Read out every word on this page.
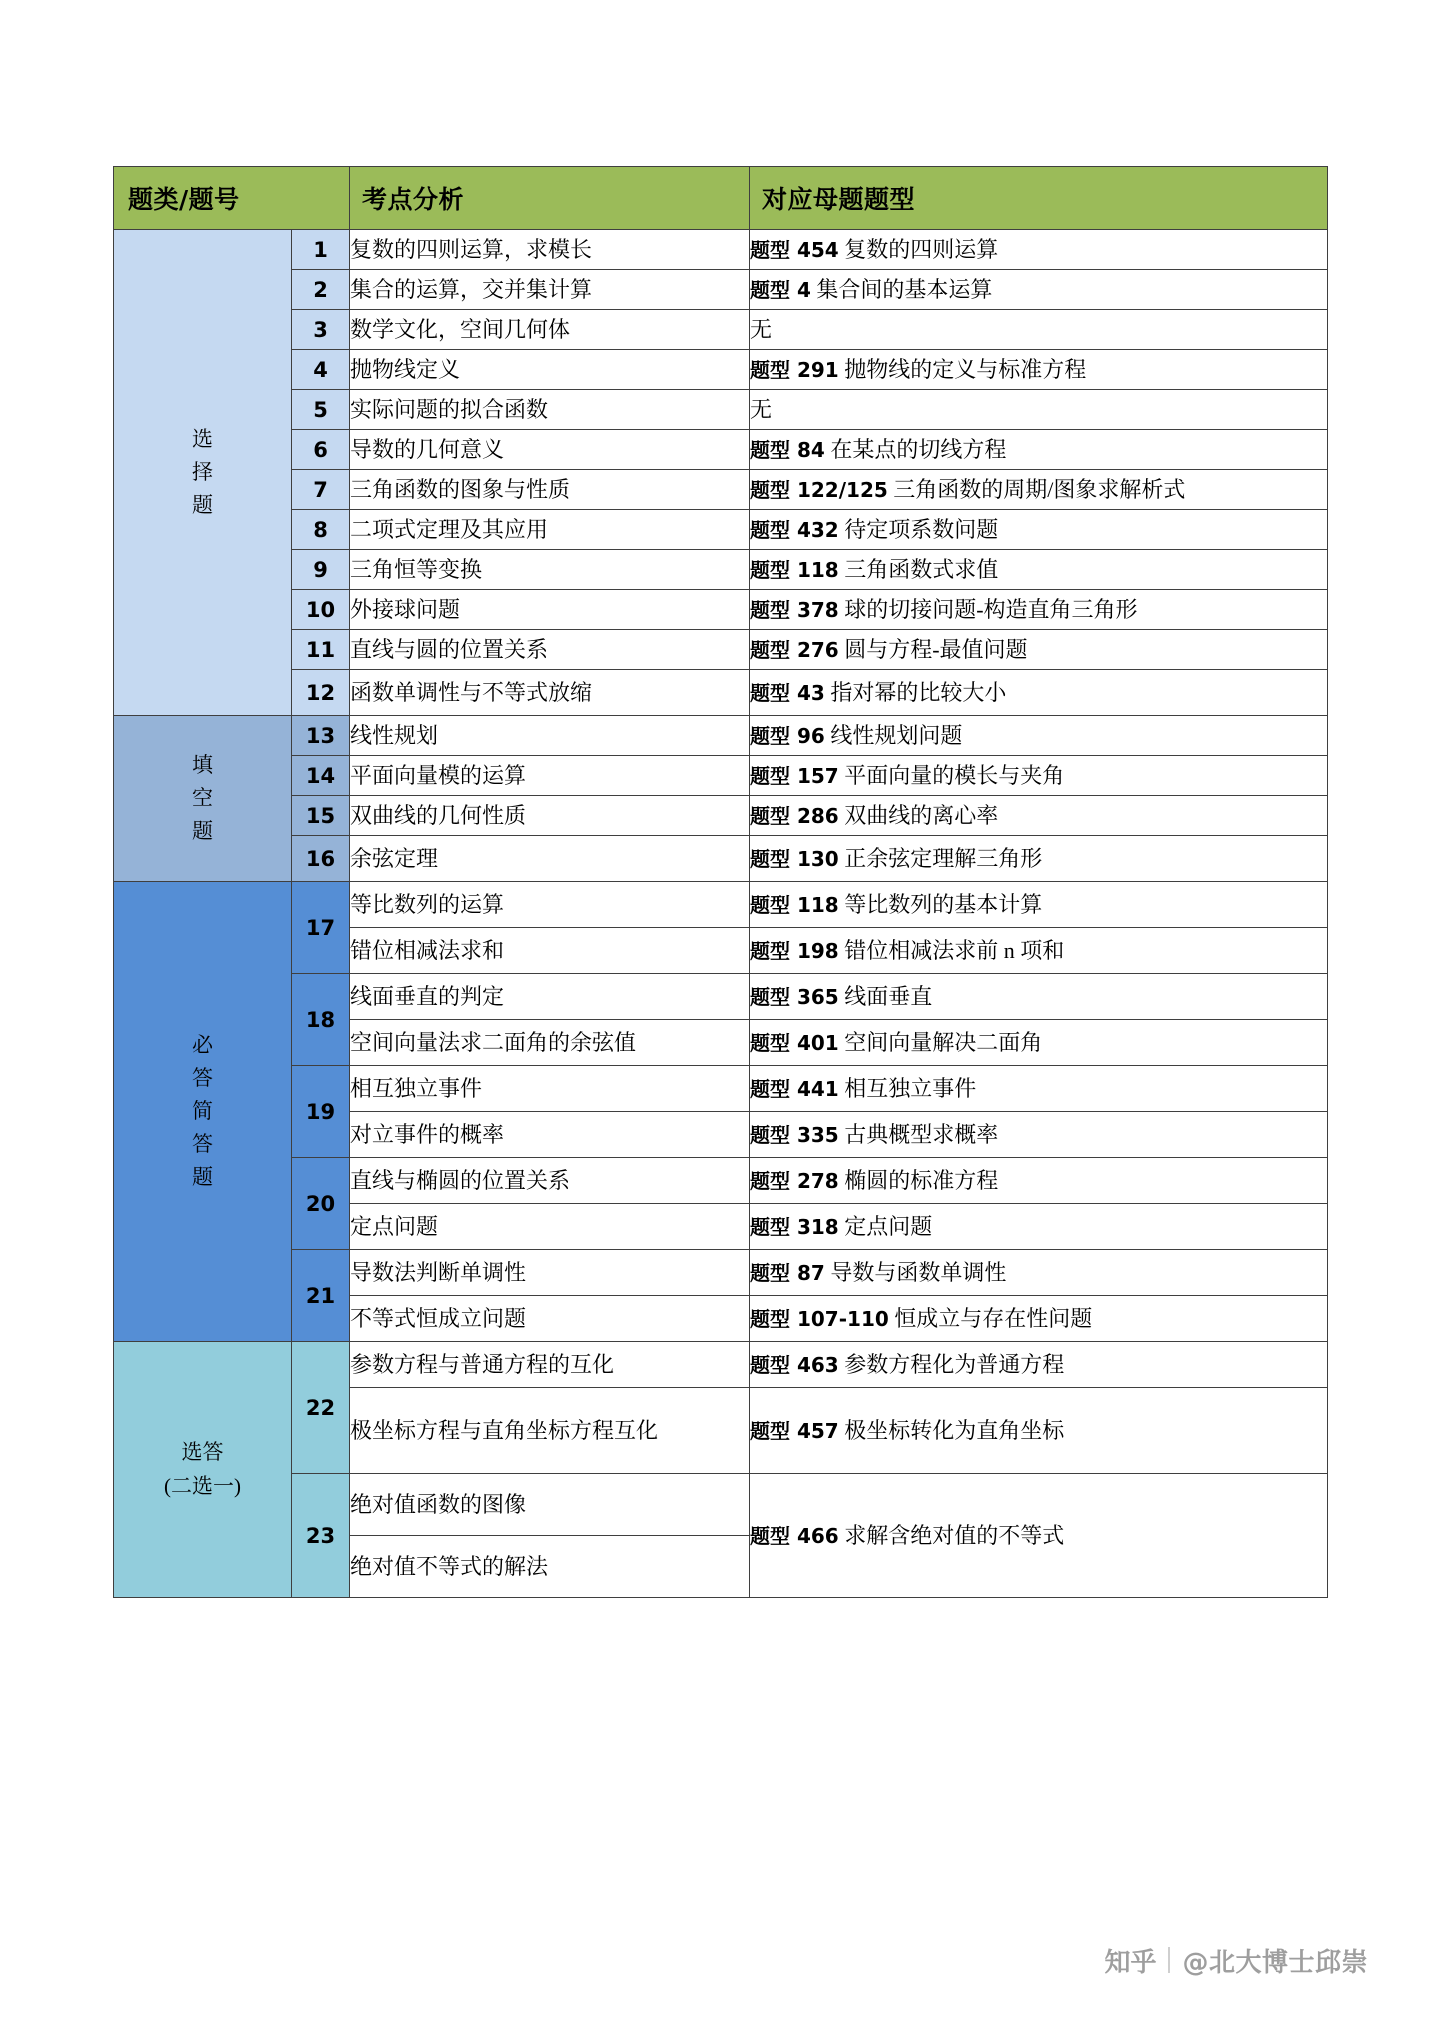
题类/题号		考点分析	对应母题题型

选
择
题	1	复数的四则运算，求模长	题型 454 复数的四则运算
	2	集合的运算，交并集计算	题型 4 集合间的基本运算
	3	数学文化，空间几何体	无
	4	抛物线定义	题型 291 抛物线的定义与标准方程
	5	实际问题的拟合函数	无
	6	导数的几何意义	题型 84 在某点的切线方程
	7	三角函数的图象与性质	题型 122/125 三角函数的周期/图象求解析式
	8	二项式定理及其应用	题型 432 待定项系数问题
	9	三角恒等变换	题型 118 三角函数式求值
	10	外接球问题	题型 378 球的切接问题-构造直角三角形
	11	直线与圆的位置关系	题型 276 圆与方程-最值问题
	12	函数单调性与不等式放缩	题型 43 指对幂的比较大小

填
空
题	13	线性规划	题型 96 线性规划问题
	14	平面向量模的运算	题型 157 平面向量的模长与夹角
	15	双曲线的几何性质	题型 286 双曲线的离心率
	16	余弦定理	题型 130 正余弦定理解三角形

必
答
简
答
题	17	等比数列的运算	题型 118 等比数列的基本计算
		错位相减法求和	题型 198 错位相减法求前 n 项和
	18	线面垂直的判定	题型 365 线面垂直
		空间向量法求二面角的余弦值	题型 401 空间向量解决二面角
	19	相互独立事件	题型 441 相互独立事件
		对立事件的概率	题型 335 古典概型求概率
	20	直线与椭圆的位置关系	题型 278 椭圆的标准方程
		定点问题	题型 318 定点问题
	21	导数法判断单调性	题型 87 导数与函数单调性
		不等式恒成立问题	题型 107-110 恒成立与存在性问题

选答
(二选一)	22	参数方程与普通方程的互化	题型 463 参数方程化为普通方程
		极坐标方程与直角坐标方程互化	题型 457 极坐标转化为直角坐标
	23	绝对值函数的图像	题型 466 求解含绝对值的不等式
		绝对值不等式的解法	
知乎 @北大博士邱崇
